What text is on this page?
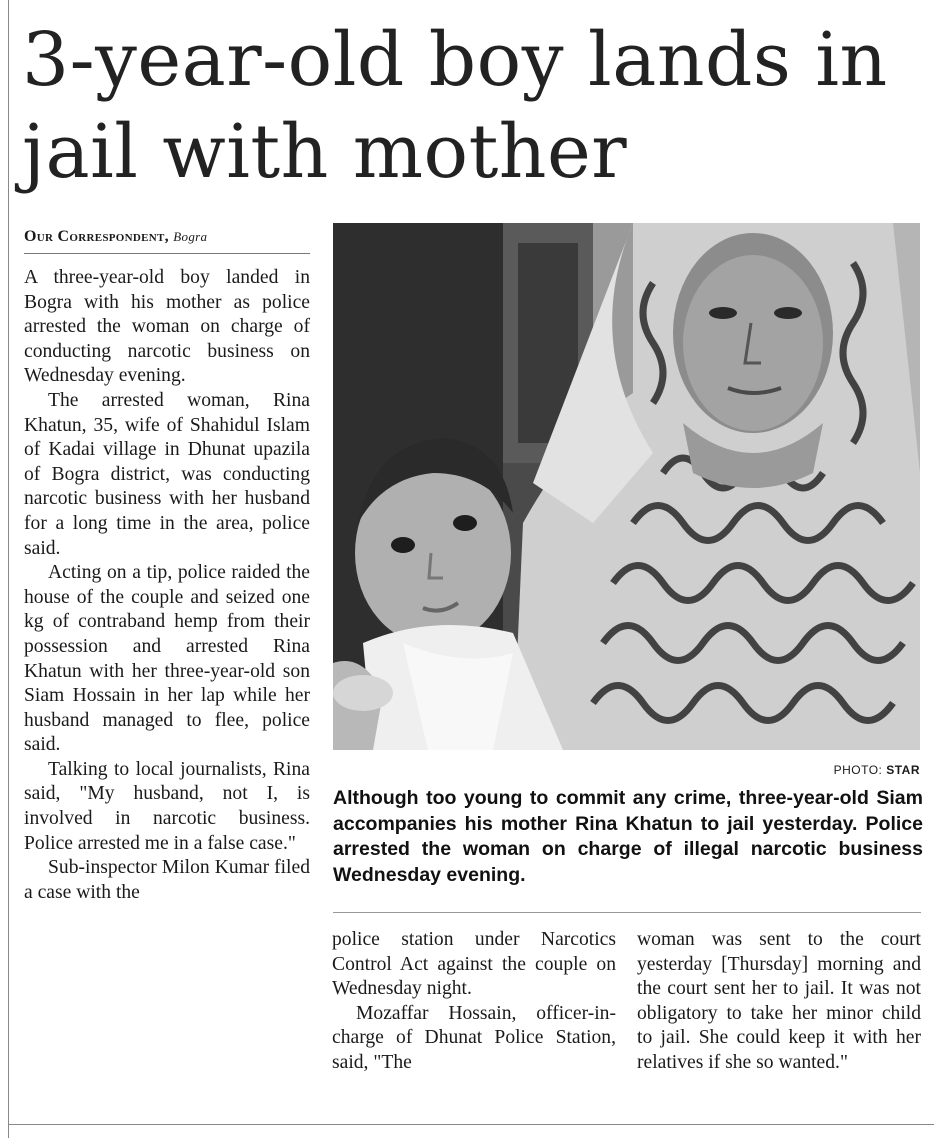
3-year-old boy lands in jail with mother
Our Correspondent, Bogra

A three-year-old boy landed in Bogra with his mother as police arrested the woman on charge of conducting narcotic business on Wednesday evening.

The arrested woman, Rina Khatun, 35, wife of Shahidul Islam of Kadai village in Dhunat upazila of Bogra district, was conducting narcotic business with her husband for a long time in the area, police said.

Acting on a tip, police raided the house of the couple and seized one kg of contraband hemp from their possession and arrested Rina Khatun with her three-year-old son Siam Hossain in her lap while her husband managed to flee, police said.

Talking to local journalists, Rina said, "My husband, not I, is involved in narcotic business. Police arrested me in a false case."

Sub-inspector Milon Kumar filed a case with the

PHOTO: STAR
Although too young to commit any crime, three-year-old Siam accompanies his mother Rina Khatun to jail yesterday. Police arrested the woman on charge of illegal narcotic business Wednesday evening.

police station under Narcotics Control Act against the couple on Wednesday night.

Mozaffar Hossain, officer-in-charge of Dhunat Police Station, said, "The

woman was sent to the court yesterday [Thursday] morning and the court sent her to jail. It was not obligatory to take her minor child to jail. She could keep it with her relatives if she so wanted."
